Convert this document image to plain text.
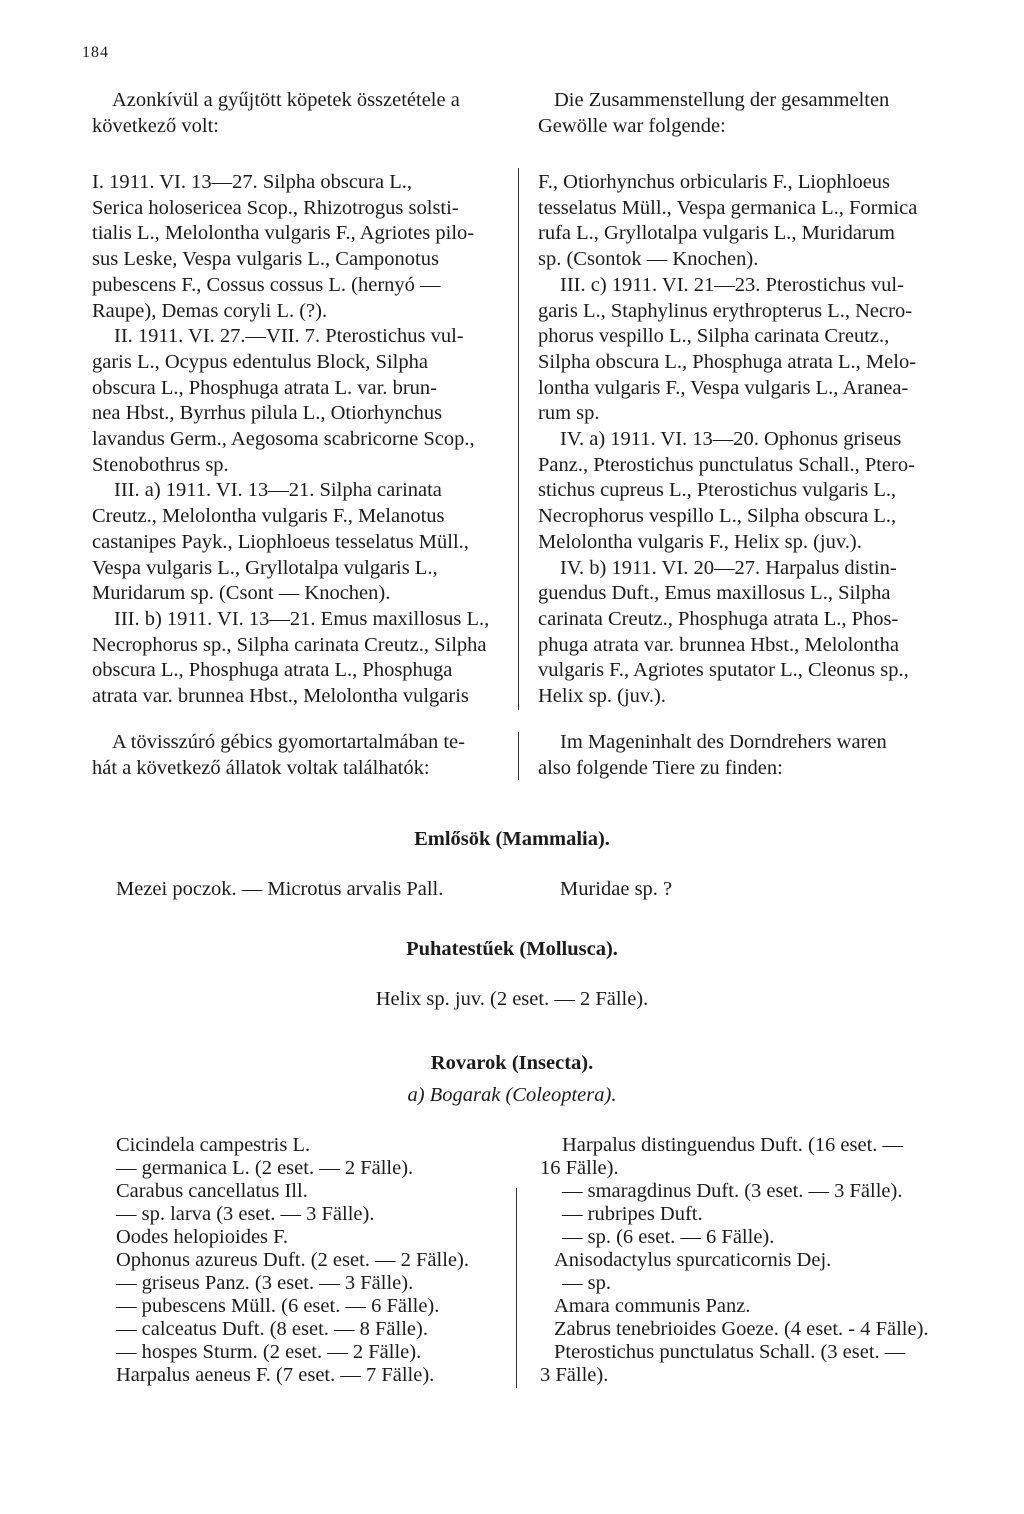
184
Azonkívül a gyűjtött köpetek összetétele a
következő volt:
Die Zusammenstellung der gesammelten
Gewölle war folgende:
I. 1911. VI. 13—27. Silpha obscura L.,
Serica holosericea Scop., Rhizotrogus solsti-
tialis L., Melolontha vulgaris F., Agriotes pilo-
sus Leske, Vespa vulgaris L., Camponotus
pubescens F., Cossus cossus L. (hernyó —
Raupe), Demas coryli L. (?).
II. 1911. VI. 27.—VII. 7. Pterostichus vul-
garis L., Ocypus edentulus Block, Silpha
obscura L., Phosphuga atrata L. var. brun-
nea Hbst., Byrrhus pilula L., Otiorhynchus
lavandus Germ., Aegosoma scabricorne Scop.,
Stenobothrus sp.
III. a) 1911. VI. 13—21. Silpha carinata
Creutz., Melolontha vulgaris F., Melanotus
castanipes Payk., Liophloeus tesselatus Müll.,
Vespa vulgaris L., Gryllotalpa vulgaris L.,
Muridarum sp. (Csont — Knochen).
III. b) 1911. VI. 13—21. Emus maxillosus L.,
Necrophorus sp., Silpha carinata Creutz., Silpha
obscura L., Phosphuga atrata L., Phosphuga
atrata var. brunnea Hbst., Melolontha vulgaris
F., Otiorhynchus orbicularis F., Liophloeus
tesselatus Müll., Vespa germanica L., Formica
rufa L., Gryllotalpa vulgaris L., Muridarum
sp. (Csontok — Knochen).
III. c) 1911. VI. 21—23. Pterostichus vul-
garis L., Staphylinus erythropterus L., Necro-
phorus vespillo L., Silpha carinata Creutz.,
Silpha obscura L., Phosphuga atrata L., Melo-
lontha vulgaris F., Vespa vulgaris L., Aranea-
rum sp.
IV. a) 1911. VI. 13—20. Ophonus griseus
Panz., Pterostichus punctulatus Schall., Ptero-
stichus cupreus L., Pterostichus vulgaris L.,
Necrophorus vespillo L., Silpha obscura L.,
Melolontha vulgaris F., Helix sp. (juv.).
IV. b) 1911. VI. 20—27. Harpalus distin-
guendus Duft., Emus maxillosus L., Silpha
carinata Creutz., Phosphuga atrata L., Phos-
phuga atrata var. brunnea Hbst., Melolontha
vulgaris F., Agriotes sputator L., Cleonus sp.,
Helix sp. (juv.).
A tövisszúró gébics gyomortartalmában te-
hát a következő állatok voltak találhatók:
Im Mageninhalt des Dorndrehers waren
also folgende Tiere zu finden:
Emlősök (Mammalia).
Mezei poczok. — Microtus arvalis Pall.	Muridae sp. ?
Puhatestűek (Mollusca).
Helix sp. juv. (2 eset. — 2 Fälle).
Rovarok (Insecta).
a) Bogarak (Coleoptera).
Cicindela campestris L.
— germanica L. (2 eset. — 2 Fälle).
Carabus cancellatus Ill.
— sp. larva (3 eset. — 3 Fälle).
Oodes helopioides F.
Ophonus azureus Duft. (2 eset. — 2 Fälle).
— griseus Panz. (3 eset. — 3 Fälle).
— pubescens Müll. (6 eset. — 6 Fälle).
— calceatus Duft. (8 eset. — 8 Fälle).
— hospes Sturm. (2 eset. — 2 Fälle).
Harpalus aeneus F. (7 eset. — 7 Fälle).
Harpalus distinguendus Duft. (16 eset. —
16 Fälle).
— smaragdinus Duft. (3 eset. — 3 Fälle).
— rubripes Duft.
— sp. (6 eset. — 6 Fälle).
Anisodactylus spurcaticornis Dej.
— sp.
Amara communis Panz.
Zabrus tenebrioides Goeze. (4 eset. - 4 Fälle).
Pterostichus punctulatus Schall. (3 eset. —
3 Fälle).
